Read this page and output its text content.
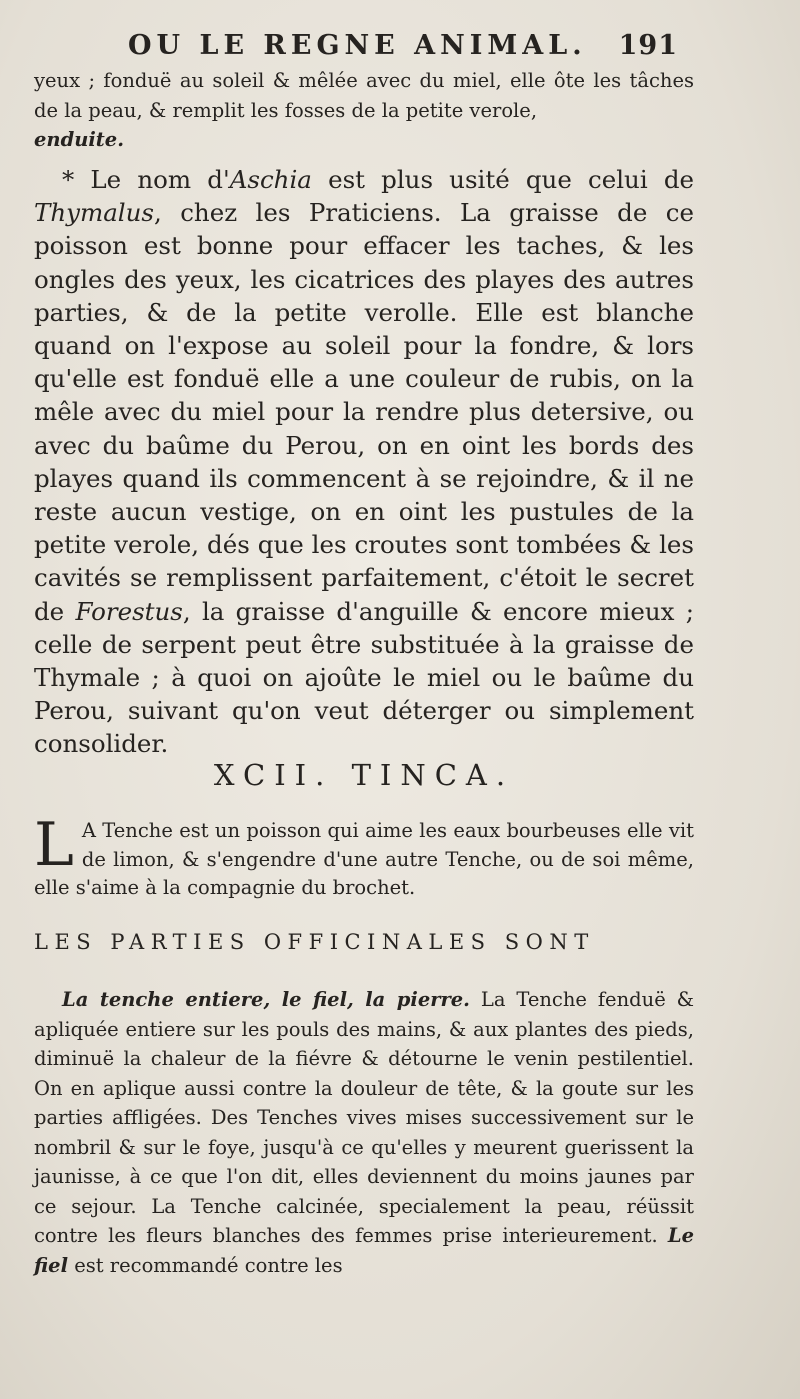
OU LE REGNE ANIMAL. 191

yeux ; fonduë au soleil & mêlée avec du miel, elle ôte les tâches de la peau, & remplit les fosses de la petite verole,
enduite.

* Le nom d'Aschia est plus usité que celui de Thymalus, chez les Praticiens. La graisse de ce poisson est bonne pour effacer les taches, & les ongles des yeux, les cicatrices des playes des autres parties, & de la petite verolle. Elle est blanche quand on l'expose au soleil pour la fondre, & lors qu'elle est fonduë elle a une couleur de rubis, on la mêle avec du miel pour la rendre plus detersive, ou avec du baûme du Perou, on en oint les bords des playes quand ils commencent à se rejoindre, & il ne reste aucun vestige, on en oint les pustules de la petite verole, dés que les croutes sont tombées & les cavités se remplissent parfaitement, c'étoit le secret de Forestus, la graisse d'anguille & encore mieux ; celle de serpent peut être substituée à la graisse de Thymale ; à quoi on ajoûte le miel ou le baûme du Perou, suivant qu'on veut déterger ou simplement consolider.

XCII. TINCA.

L A Tenche est un poisson qui aime les eaux bourbeuses elle vit de limon, & s'engendre d'une autre Tenche, ou de soi même, elle s'aime à la compagnie du brochet.

LES PARTIES OFFICINALES SONT

La tenche entiere, le fiel, la pierre. La Tenche fenduë & apliquée entiere sur les pouls des mains, & aux plantes des pieds, diminuë la chaleur de la fiévre & détourne le venin pestilentiel. On en aplique aussi contre la douleur de tête, & la goute sur les parties affligées. Des Tenches vives mises successivement sur le nombril & sur le foye, jusqu'à ce qu'elles y meurent guerissent la jaunisse, à ce que l'on dit, elles deviennent du moins jaunes par ce sejour. La Tenche calcinée, specialement la peau, réüssit contre les fleurs blanches des femmes prise interieurement. Le fiel est recommandé contre les
